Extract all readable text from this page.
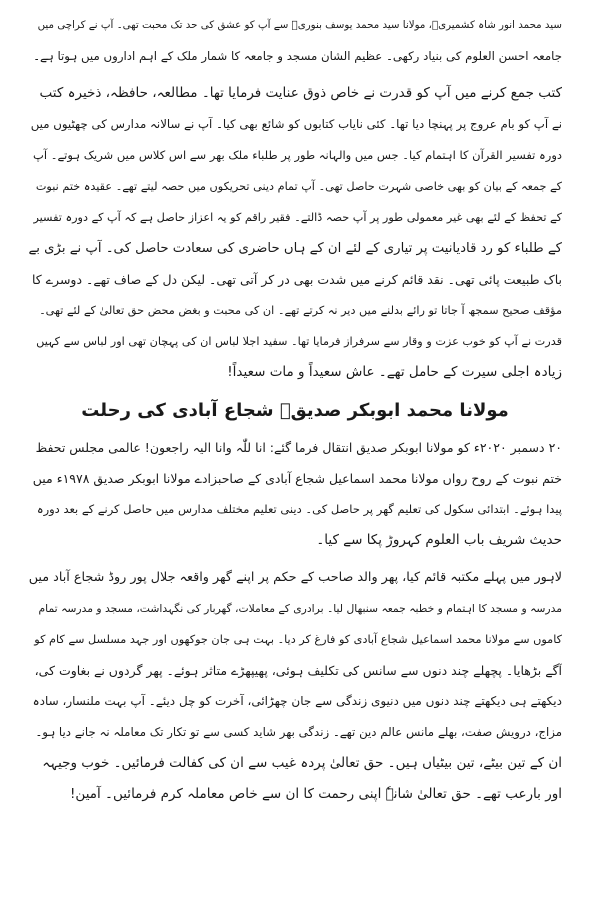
سید محمد انور شاہ کشمیریؒ، مولانا سید محمد یوسف بنوریؒ سے آپ کو عشق کی حد تک محبت تھی۔ آپ نے کراچی میں

جامعہ احسن العلوم کی بنیاد رکھی۔ عظیم الشان مسجد و جامعہ کا شمار ملک کے اہم اداروں میں ہوتا ہے۔

کتب جمع کرنے میں آپ کو قدرت نے خاص ذوق عنایت فرمایا تھا۔ مطالعہ، حافظہ، ذخیرہ کتب

نے آپ کو بام عروج پر پہنچا دیا تھا۔ کئی نایاب کتابوں کو شائع بھی کیا۔ آپ نے سالانہ مدارس کی چھٹیوں میں

دورہ تفسیر القرآن کا اہتمام کیا۔ جس میں والہانہ طور پر طلباء ملک بھر سے اس کلاس میں شریک ہوتے۔ آپ

کے جمعہ کے بیان کو بھی خاصی شہرت حاصل تھی۔ آپ تمام دینی تحریکوں میں حصہ لیتے تھے۔ عقیدہ ختم نبوت

کے تحفظ کے لئے بھی غیر معمولی طور پر آپ حصہ ڈالتے۔ فقیر راقم کو یہ اعزاز حاصل ہے کہ آپ کے دورہ تفسیر

کے طلباء کو رد قادیانیت پر تیاری کے لئے ان کے ہاں حاضری کی سعادت حاصل کی۔ آپ نے بڑی بے

باک طبیعت پائی تھی۔ نقد قائم کرنے میں شدت بھی در کر آتی تھی۔ لیکن دل کے صاف تھے۔ دوسرے کا

مؤقف صحیح سمجھ آ جاتا تو رائے بدلنے میں دیر نہ کرتے تھے۔ ان کی محبت و بغض محض حق تعالیٰ کے لئے تھی۔

قدرت نے آپ کو خوب عزت و وقار سے سرفراز فرمایا تھا۔ سفید اجلا لباس ان کی پہچان تھی اور لباس سے کہیں

زیادہ اجلی سیرت کے حامل تھے۔ عاش سعیداً و مات سعیداً!

مولانا محمد ابوبکر صدیقؒ شجاع آبادی کی رحلت

۲۰ دسمبر ۲۰۲۰ء کو مولانا ابوبکر صدیق انتقال فرما گئے: انا للّٰہ وانا الیہ راجعون! عالمی مجلس تحفظ

ختم نبوت کے روح رواں مولانا محمد اسماعیل شجاع آبادی کے صاحبزادے مولانا ابوبکر صدیق ۱۹۷۸ء میں

پیدا ہوئے۔ ابتدائی سکول کی تعلیم گھر پر حاصل کی۔ دینی تعلیم مختلف مدارس میں حاصل کرنے کے بعد دورہ

حدیث شریف باب العلوم کہروڑ پکا سے کیا۔

لاہور میں پہلے مکتبہ قائم کیا، پھر والد صاحب کے حکم پر اپنے گھر واقعہ جلال پور روڈ شجاع آباد میں

مدرسہ و مسجد کا اہتمام و خطبہ جمعہ سنبھال لیا۔ برادری کے معاملات، گھربار کی نگہداشت، مسجد و مدرسہ تمام

کاموں سے مولانا محمد اسماعیل شجاع آبادی کو فارغ کر دیا۔ بہت ہی جان جوکھوں اور جہد مسلسل سے کام کو

آگے بڑھایا۔ پچھلے چند دنوں سے سانس کی تکلیف ہوئی، پھیپھڑے متاثر ہوئے۔ پھر گردوں نے بغاوت کی،

دیکھتے ہی دیکھتے چند دنوں میں دنیوی زندگی سے جان چھڑائی، آخرت کو چل دیئے۔ آپ بہت ملنسار، سادہ

مزاج، درویش صفت، بھلے مانس عالم دین تھے۔ زندگی بھر شاید کسی سے تو تکار تک معاملہ نہ جانے دیا ہو۔

ان کے تین بیٹے، تین بیٹیاں ہیں۔ حق تعالیٰ پردہ غیب سے ان کی کفالت فرمائیں۔ خوب وجیہہ

اور بارعب تھے۔ حق تعالیٰ شانہٗ اپنی رحمت کا ان سے خاص معاملہ کرم فرمائیں۔ آمین!
